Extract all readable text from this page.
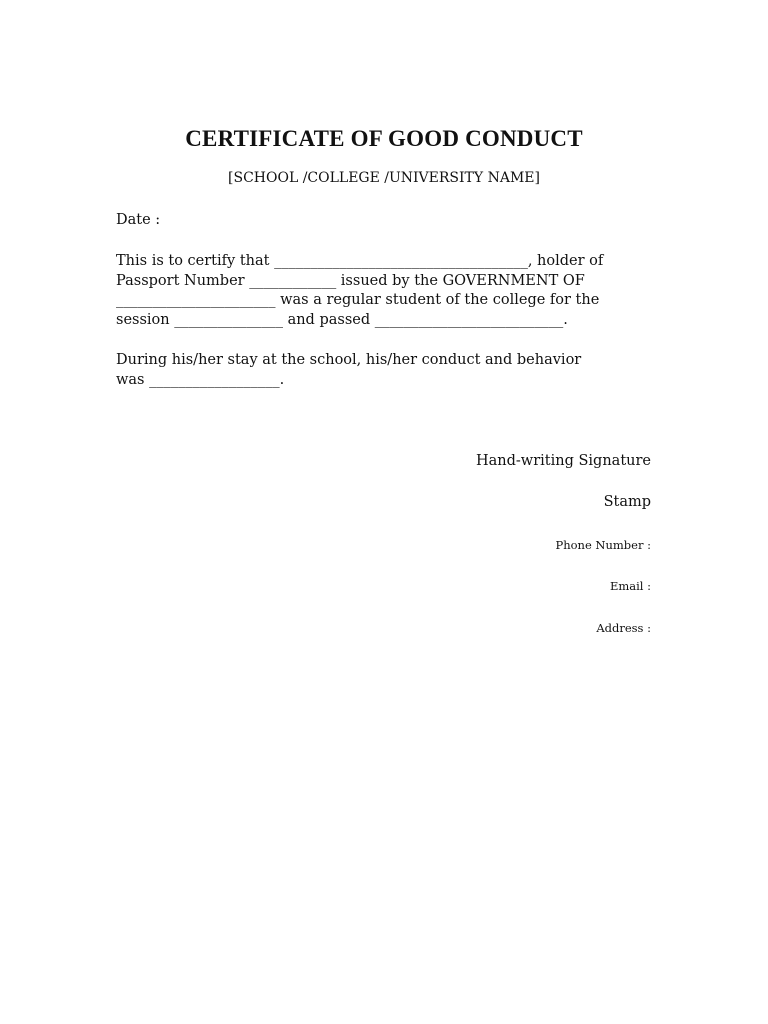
CERTIFICATE OF GOOD CONDUCT
[SCHOOL /COLLEGE /UNIVERSITY NAME]
Date :
This is to certify that ___________________________________, holder of
Passport Number ____________ issued by the GOVERNMENT OF
______________________ was a regular student of the college for the
session _______________ and passed __________________________.
During his/her stay at the school, his/her conduct and behavior
was __________________.
Hand-writing Signature
Stamp
Phone Number :
Email :
Address :
